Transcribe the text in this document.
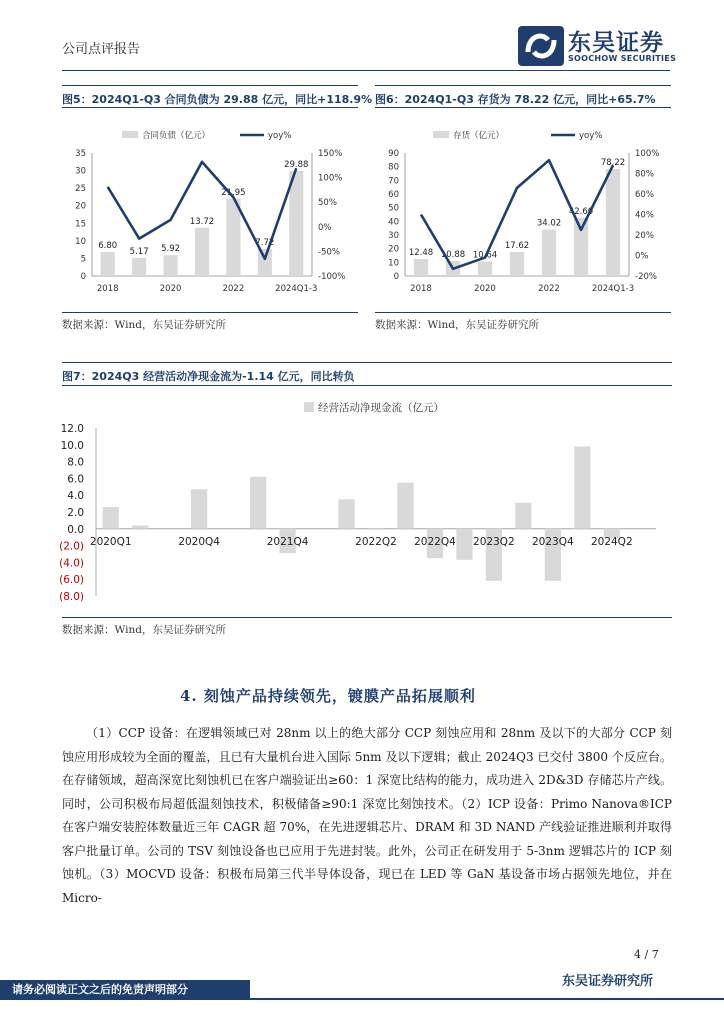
公司点评报告	东吴证券
SOOCHOW SECURITIES
图5：2024Q1-Q3 合同负债为 29.88 亿元，同比+118.9%
合同负债（亿元）	yoy%
0
5
10
15
20
25
30
35
-100%
-50%
0%
50%
100%
150%
6.80
5.17 5.92
13.72
21.95
7.72
29.88
2018	2020	2022	2024Q1-3
数据来源：Wind，东吴证券研究所
图6：2024Q1-Q3 存货为 78.22 亿元，同比+65.7%
存货（亿元）	yoy%
0
10
20
30
40
50
60
70
80
90
-20%
0%
20%
40%
60%
80%
100%
12.48 10.88 10.64
17.62
34.02
42.60
78.22
2018	2020	2022	2024Q1-3
数据来源：Wind，东吴证券研究所
图7：2024Q3 经营活动净现金流为-1.14 亿元，同比转负
经营活动净现金流（亿元）
12.0
10.0
8.0
6.0
4.0
2.0
0.0
(2.0)
(4.0)
(6.0)
(8.0)
2020Q1	2020Q4	2021Q4	2022Q2 2022Q4 2023Q2 2023Q4 2024Q2
数据来源：Wind，东吴证券研究所
4. 刻蚀产品持续领先，镀膜产品拓展顺利

（1）CCP 设备：在逻辑领域已对 28nm 以上的绝大部分 CCP 刻蚀应用和 28nm 及以下的大部分 CCP 刻蚀应用形成较为全面的覆盖，且已有大量机台进入国际 5nm 及以下逻辑；截止 2024Q3 已交付 3800 个反应台。在存储领域，超高深宽比刻蚀机已在客户端验证出≥60：1 深宽比结构的能力，成功进入 2D&3D 存储芯片产线。同时，公司积极布局超低温刻蚀技术，积极储备≥90:1 深宽比刻蚀技术。（2）ICP 设备：Primo Nanova®ICP 在客户端安装腔体数量近三年 CAGR 超 70%，在先进逻辑芯片、DRAM 和 3D NAND 产线验证推进顺利并取得客户批量订单。公司的 TSV 刻蚀设备也已应用于先进封装。此外，公司正在研发用于 5-3nm 逻辑芯片的 ICP 刻蚀机。（3）MOCVD 设备：积极布局第三代半导体设备，现已在 LED 等 GaN 基设备市场占据领先地位，并在 Micro-

4 / 7
请务必阅读正文之后的免责声明部分
东吴证券研究所
